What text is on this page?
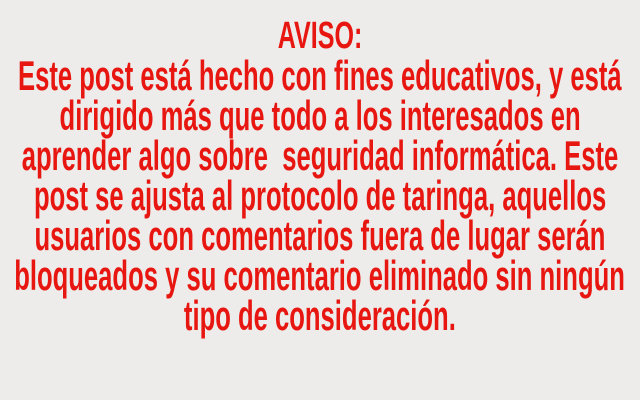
AVISO:
Este post está hecho con fines educativos, y está
dirigido más que todo a los interesados en
aprender algo sobre  seguridad informática. Este
post se ajusta al protocolo de taringa, aquellos
usuarios con comentarios fuera de lugar serán
bloqueados y su comentario eliminado sin ningún
tipo de consideración.
